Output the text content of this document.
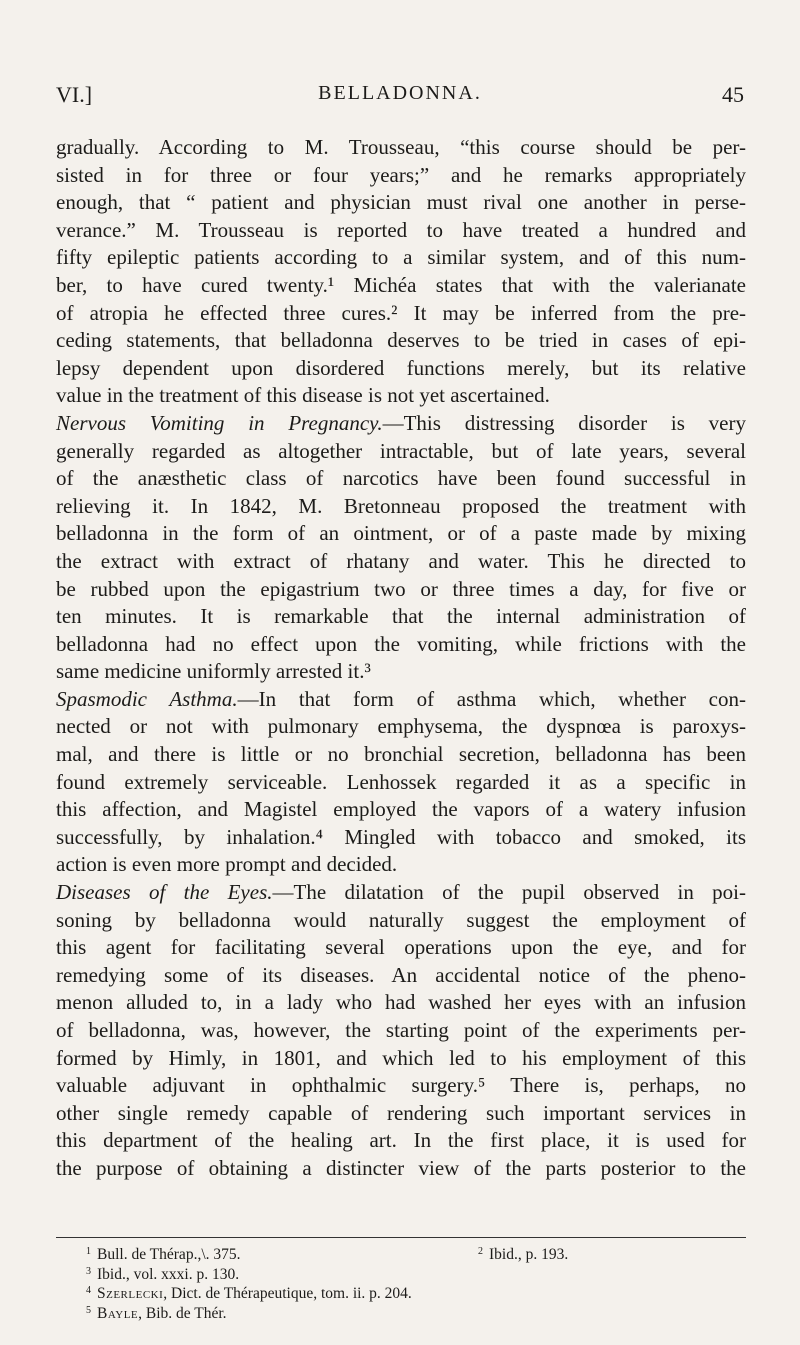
VI.]	BELLADONNA.	45
gradually. According to M. Trousseau, “this course should be per-
sisted in for three or four years;” and he remarks appropriately
enough, that “ patient and physician must rival one another in perse-
verance.” M. Trousseau is reported to have treated a hundred and
fifty epileptic patients according to a similar system, and of this num-
ber, to have cured twenty.¹ Michéa states that with the valerianate
of atropia he effected three cures.² It may be inferred from the pre-
ceding statements, that belladonna deserves to be tried in cases of epi-
lepsy dependent upon disordered functions merely, but its relative
value in the treatment of this disease is not yet ascertained.
Nervous Vomiting in Pregnancy.—This distressing disorder is very
generally regarded as altogether intractable, but of late years, several
of the anæsthetic class of narcotics have been found successful in
relieving it. In 1842, M. Bretonneau proposed the treatment with
belladonna in the form of an ointment, or of a paste made by mixing
the extract with extract of rhatany and water. This he directed to
be rubbed upon the epigastrium two or three times a day, for five or
ten minutes. It is remarkable that the internal administration of
belladonna had no effect upon the vomiting, while frictions with the
same medicine uniformly arrested it.³
Spasmodic Asthma.—In that form of asthma which, whether con-
nected or not with pulmonary emphysema, the dyspnœa is paroxys-
mal, and there is little or no bronchial secretion, belladonna has been
found extremely serviceable. Lenhossek regarded it as a specific in
this affection, and Magistel employed the vapors of a watery infusion
successfully, by inhalation.⁴ Mingled with tobacco and smoked, its
action is even more prompt and decided.
Diseases of the Eyes.—The dilatation of the pupil observed in poi-
soning by belladonna would naturally suggest the employment of
this agent for facilitating several operations upon the eye, and for
remedying some of its diseases. An accidental notice of the pheno-
menon alluded to, in a lady who had washed her eyes with an infusion
of belladonna, was, however, the starting point of the experiments per-
formed by Himly, in 1801, and which led to his employment of this
valuable adjuvant in ophthalmic surgery.⁵ There is, perhaps, no
other single remedy capable of rendering such important services in
this department of the healing art. In the first place, it is used for
the purpose of obtaining a distincter view of the parts posterior to the
$^1$ Bull. de Thérap.,\. 375.	$^2$ Ibid., p. 193.
$^3$ Ibid., vol. xxxi. p. 130.
$^4$ Szerlecki, Dict. de Thérapeutique, tom. ii. p. 204.
$^5$ Bayle, Bib. de Thér.
